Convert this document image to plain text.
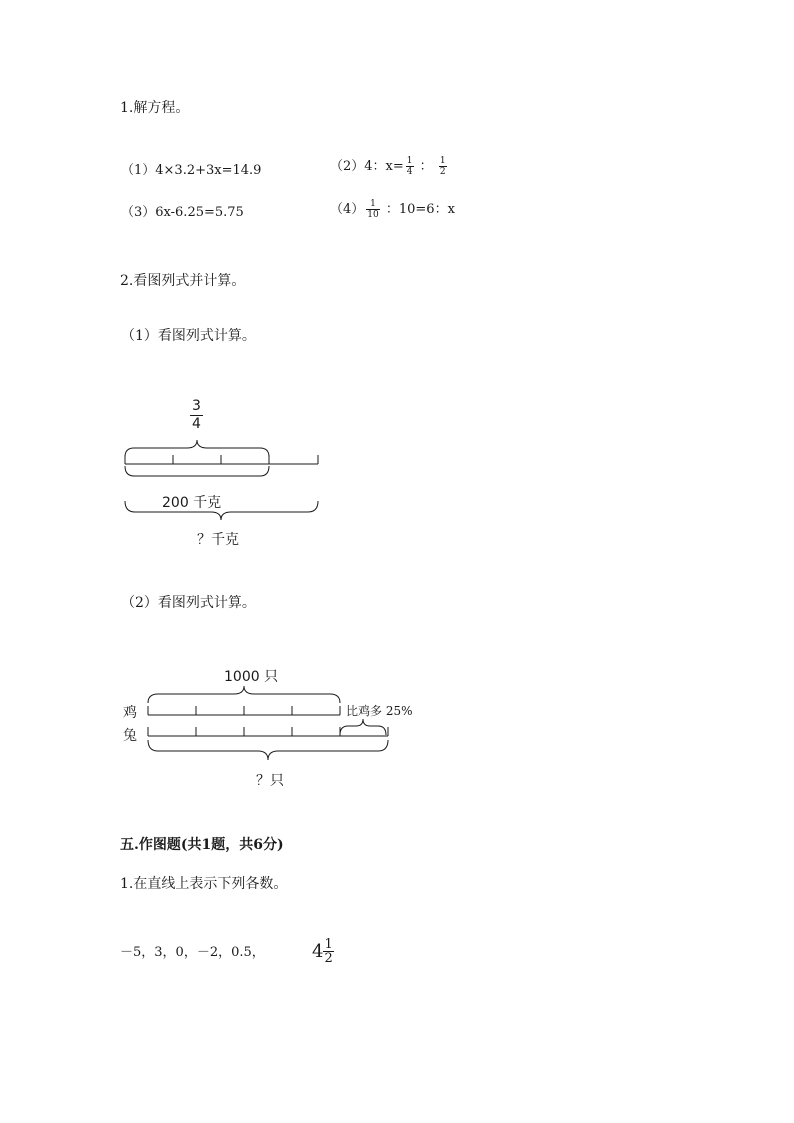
1.解方程。
（1）4×3.2+3x=14.9	（2）4：$x= \frac{1}{4}$ ： $\frac{1}{2}$
（3）6x-6.25=5.75	$(4) \frac{1}{10}$ ：10=6：x
2.看图列式并计算。
（1）看图列式计算。
$\frac{3}{4}$
200 千克
？千克
（2）看图列式计算。
1000 只
鸡
兔
比鸡多 25%
？只
五.作图题(共1题，共6分)
1.在直线上表示下列各数。
－5，3，0，－2，0.5，	$4 \frac{1}{2}$
